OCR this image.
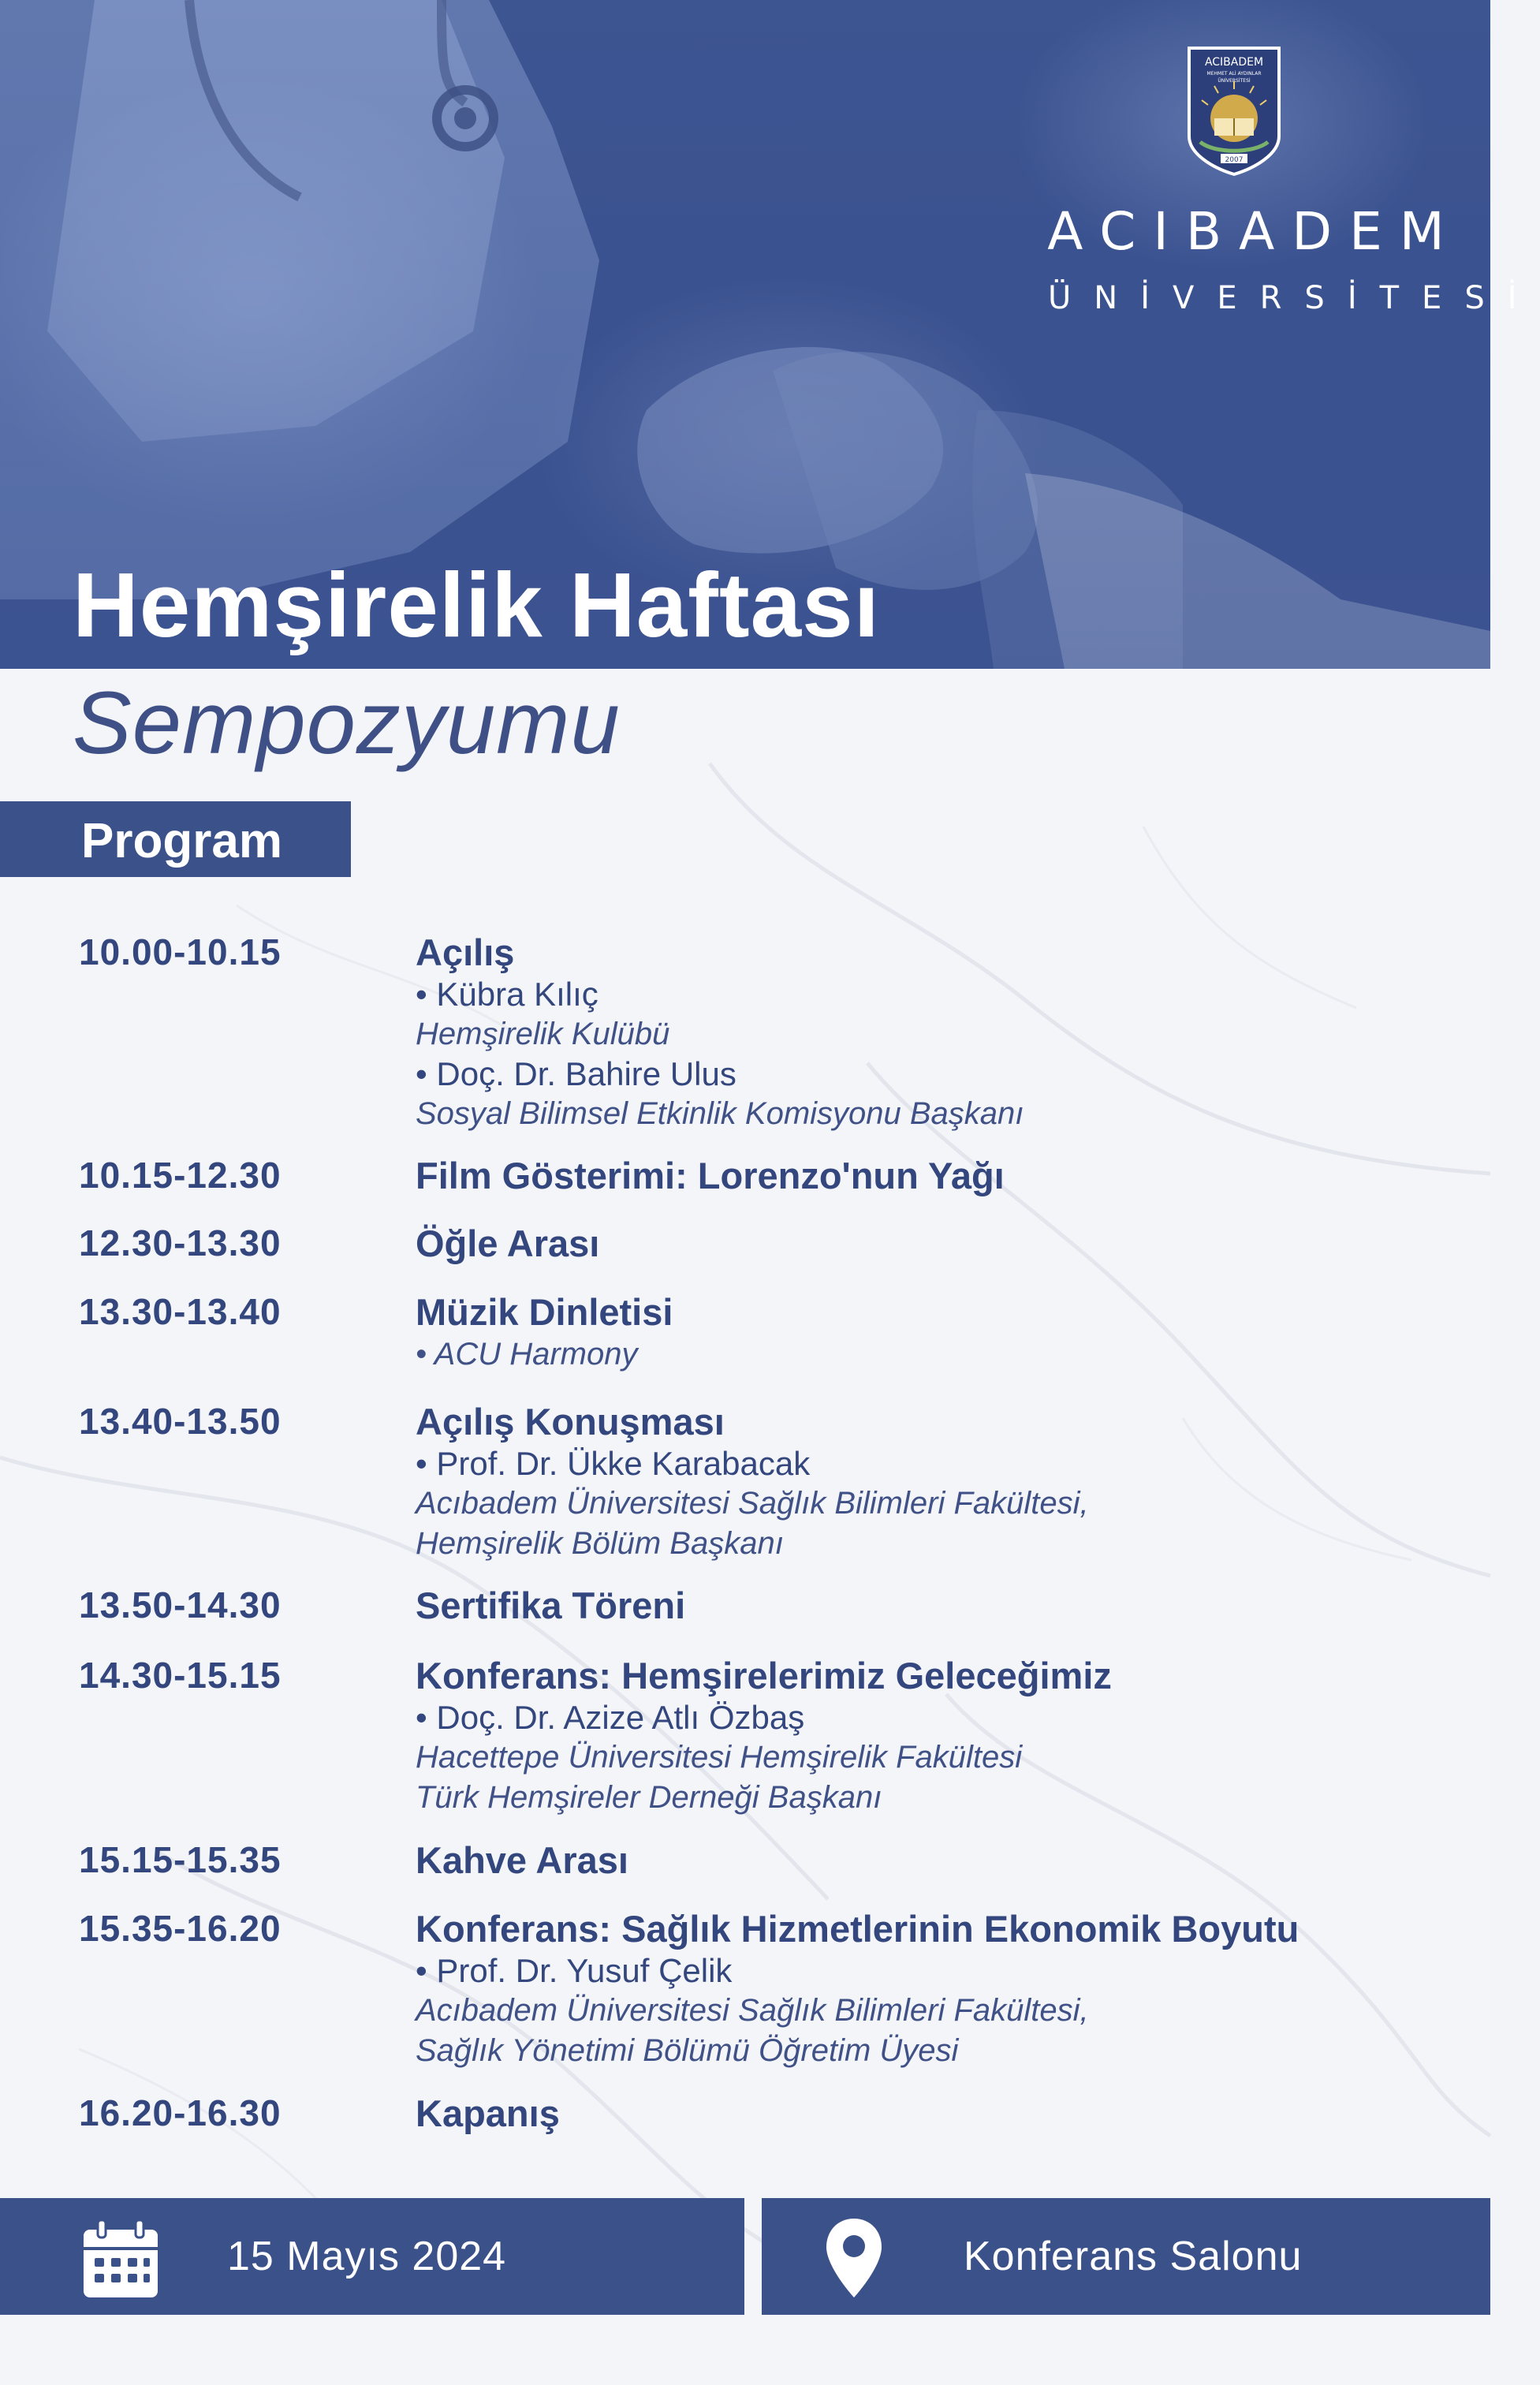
ACIBADEM
MEHMET ALİ AYDINLAR
ÜNİVERSİTESİ
2007
ACIBADEM
ÜNİVERSİTESİ
Hemşirelik Haftası
Sempozyumu
Program
10.00-10.15	Açılış
• Kübra Kılıç
Hemşirelik Kulübü
• Doç. Dr. Bahire Ulus
Sosyal Bilimsel Etkinlik Komisyonu Başkanı
10.15-12.30	Film Gösterimi: Lorenzo'nun Yağı
12.30-13.30	Öğle Arası
13.30-13.40	Müzik Dinletisi
• ACU Harmony
13.40-13.50	Açılış Konuşması
• Prof. Dr. Ükke Karabacak
Acıbadem Üniversitesi Sağlık Bilimleri Fakültesi,
Hemşirelik Bölüm Başkanı
13.50-14.30	Sertifika Töreni
14.30-15.15	Konferans: Hemşirelerimiz Geleceğimiz
• Doç. Dr. Azize Atlı Özbaş
Hacettepe Üniversitesi Hemşirelik Fakültesi
Türk Hemşireler Derneği Başkanı
15.15-15.35	Kahve Arası
15.35-16.20	Konferans: Sağlık Hizmetlerinin Ekonomik Boyutu
• Prof. Dr. Yusuf Çelik
Acıbadem Üniversitesi Sağlık Bilimleri Fakültesi,
Sağlık Yönetimi Bölümü Öğretim Üyesi
16.20-16.30	Kapanış
15 Mayıs 2024	Konferans Salonu
